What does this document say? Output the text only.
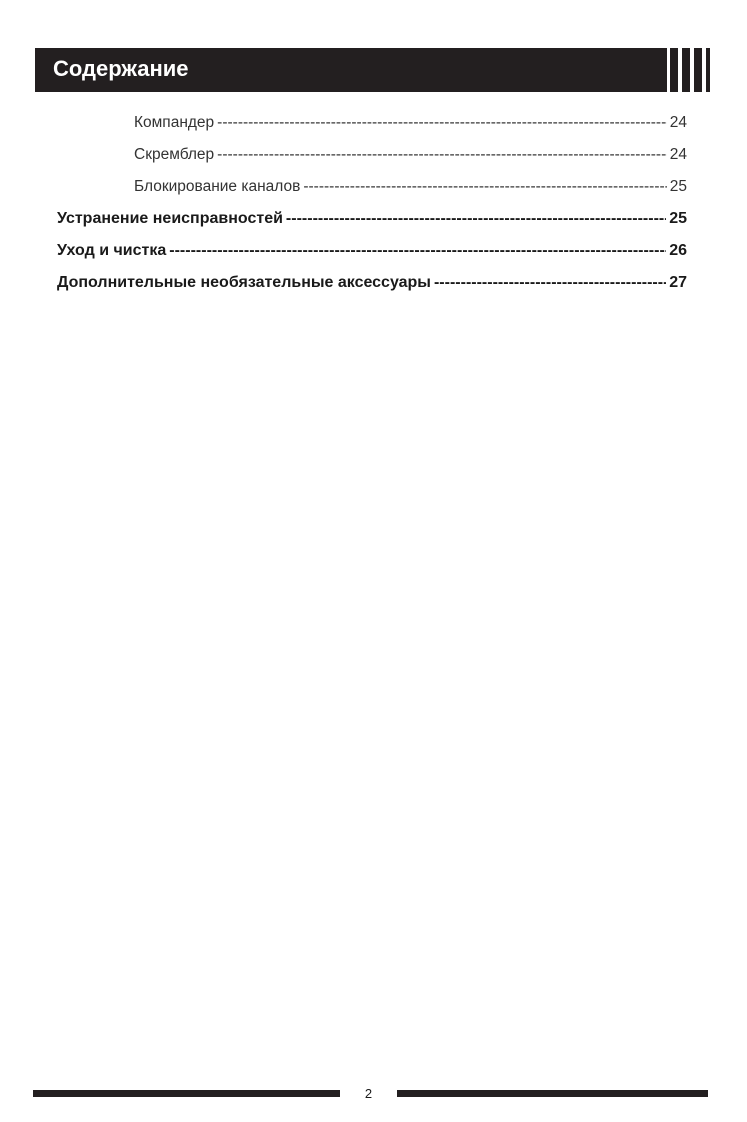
Содержание
Компандер -----	24
Скремблер -----	24
Блокирование каналов -----	25
Устранение неисправностей -----	25
Уход и чистка -----	26
Дополнительные необязательные аксессуары -----	27
2
